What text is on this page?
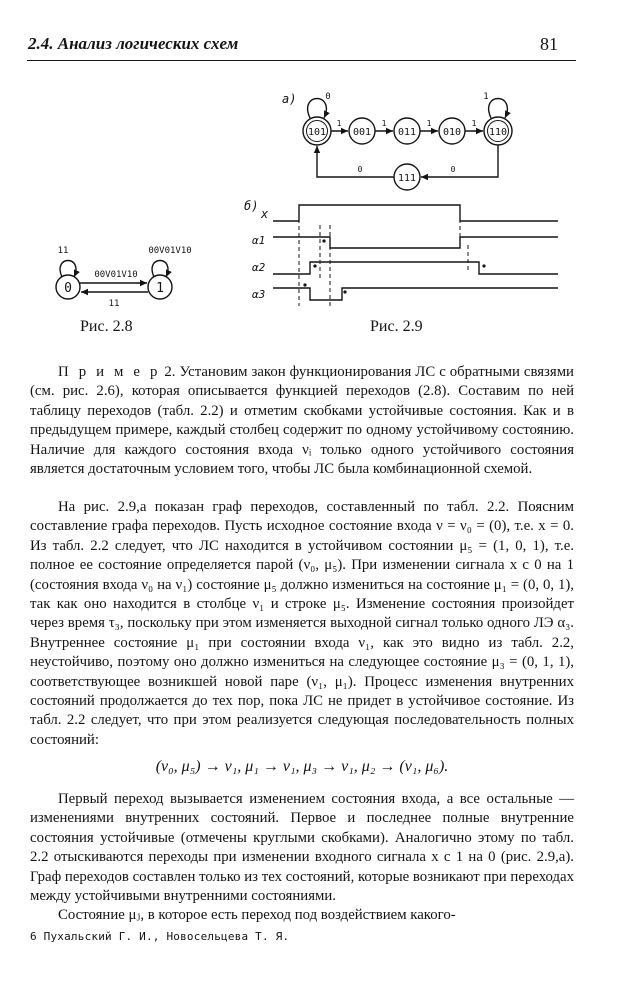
2.4. Анализ логических схем	81
0	1
11	00V01V10
00V01V10
11
а)
101	001	011	010	110
111
1	1	1	1
0
0
0	1
б)
x
α1
α2
α3
Рис. 2.8	Рис. 2.9

П р и м е р 2. Установим закон функционирования ЛС с обратными связями (см. рис. 2.6), которая описывается функцией переходов (2.8). Составим по ней таблицу переходов (табл. 2.2) и отметим скобками устойчивые состояния. Как и в предыдущем примере, каждый столбец содержит по одному устойчивому состоянию. Наличие для каждого состояния входа νᵢ только одного устойчивого состояния является достаточным условием того, чтобы ЛС была комбинационной схемой.

На рис. 2.9,а показан граф переходов, составленный по табл. 2.2. Поясним составление графа переходов. Пусть исходное состояние входа ν = ν₀ = (0), т.е. x = 0. Из табл. 2.2 следует, что ЛС находится в устойчивом состоянии μ₅ = (1, 0, 1), т.е. полное ее состояние определяется парой (ν₀, μ₅). При изменении сигнала x с 0 на 1 (состояния входа ν₀ на ν₁) состояние μ₅ должно измениться на состояние μ₁ = (0, 0, 1), так как оно находится в столбце ν₁ и строке μ₅. Изменение состояния произойдет через время τ₃, поскольку при этом изменяется выходной сигнал только одного ЛЭ α₃. Внутреннее состояние μ₁ при состоянии входа ν₁, как это видно из табл. 2.2, неустойчиво, поэтому оно должно измениться на следующее состояние μ₃ = (0, 1, 1), соответствующее возникшей новой паре (ν₁, μ₁). Процесс изменения внутренних состояний продолжается до тех пор, пока ЛС не придет в устойчивое состояние. Из табл. 2.2 следует, что при этом реализуется следующая последовательность полных состояний:

(ν₀, μ₅) → ν₁, μ₁ → ν₁, μ₃ → ν₁, μ₂ → (ν₁, μ₆).

Первый переход вызывается изменением состояния входа, а все остальные — изменениями внутренних состояний. Первое и последнее полные внутренние состояния устойчивые (отмечены круглыми скобками). Аналогично этому по табл. 2.2 отыскиваются переходы при изменении входного сигнала x с 1 на 0 (рис. 2.9,а). Граф переходов составлен только из тех состояний, которые возникают при переходах между устойчивыми внутренними состояниями.

Состояние μⱼ, в которое есть переход под воздействием какого-

6 Пухальский Г. И., Новосельцева Т. Я.
